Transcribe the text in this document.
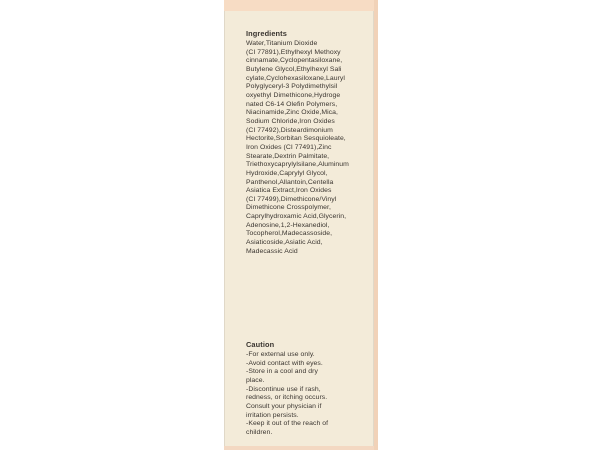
Ingredients

Water,Titanium Dioxide
(CI 77891),Ethylhexyl Methoxy
cinnamate,Cyclopentasiloxane,
Butylene Glycol,Ethylhexyl Sali
cylate,Cyclohexasiloxane,Lauryl
Polyglyceryl-3 Polydimethylsil
oxyethyl Dimethicone,Hydroge
nated C6-14 Olefin Polymers,
Niacinamide,Zinc Oxide,Mica,
Sodium Chloride,Iron Oxides
(CI 77492),Disteardimonium
Hectorite,Sorbitan Sesquioleate,
Iron Oxides (CI 77491),Zinc
Stearate,Dextrin Palmitate,
Triethoxycaprylylsilane,Aluminum
Hydroxide,Caprylyl Glycol,
Panthenol,Allantoin,Centella
Asiatica Extract,Iron Oxides
(CI 77499),Dimethicone/Vinyl
Dimethicone Crosspolymer,
Caprylhydroxamic Acid,Glycerin,
Adenosine,1,2-Hexanediol,
Tocopherol,Madecassoside,
Asiaticoside,Asiatic Acid,
Madecassic Acid

Caution

-For external use only.
-Avoid contact with eyes.
-Store in a cool and dry
place.
-Discontinue use if rash,
redness, or itching occurs.
Consult your physician if
irritation persists.
-Keep it out of the reach of
children.
